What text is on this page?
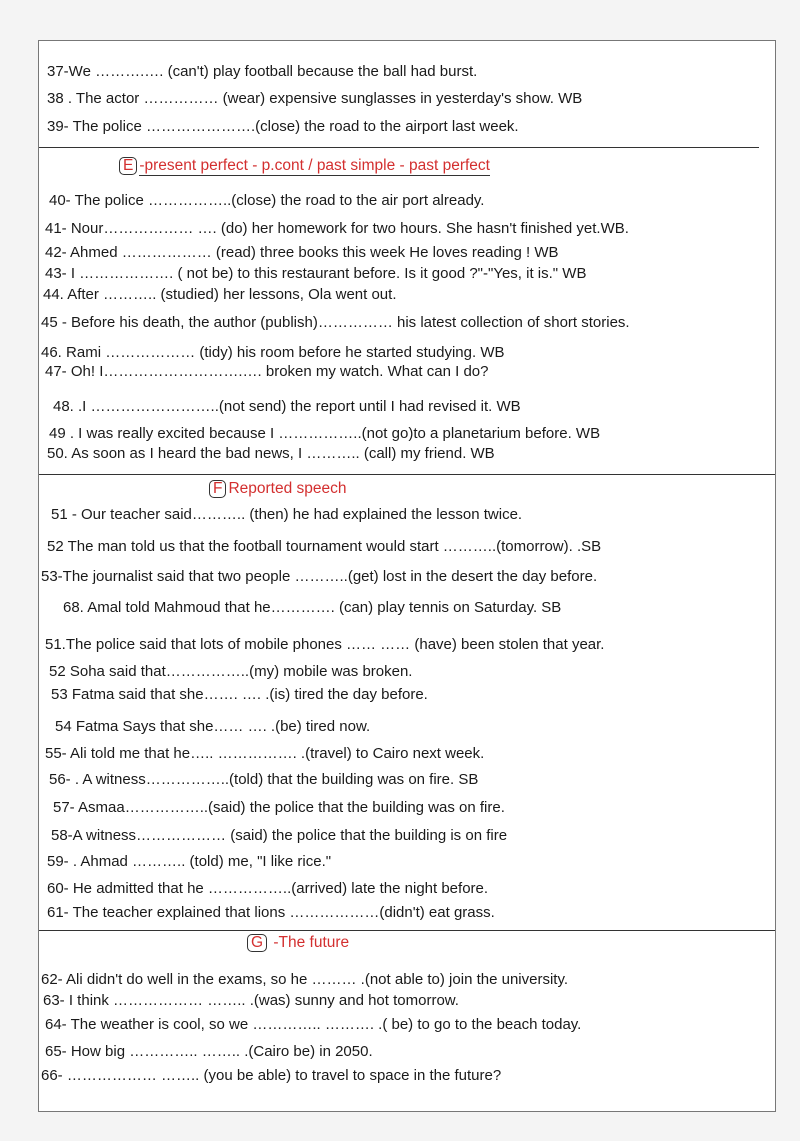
37-We ……….…. (can't) play football because the ball had burst.
38 . The actor …………… (wear) expensive sunglasses in yesterday's show. WB
39- The police ………………….(close) the road to the airport last week.
E -present perfect - p.cont / past simple - past perfect
40- The police ……………..(close) the road to the air port already.
41- Nour……………… …. (do) her homework for two hours. She hasn't finished yet.WB.
42- Ahmed ……………… (read) three books this week He loves reading ! WB
43- I ………………. ( not be) to this restaurant before. Is it good ?"-"Yes, it is." WB
44. After ……….. (studied) her lessons, Ola went out.
45 - Before his death, the author (publish)…………… his latest collection of short stories.
46. Rami ……………… (tidy) his room before he started studying. WB
47- Oh! I……………………….…. broken my watch. What can I do?
48. .I ……………………..(not send) the report until I had revised it. WB
49 . I was really excited because I ……………..(not go)to a planetarium before. WB
50. As soon as I heard the bad news, I ……….. (call) my friend. WB
F Reported speech
51 - Our teacher said……….. (then) he had explained the lesson twice.
52 The man told us that the football tournament would start ………..(tomorrow). .SB
53-The journalist said that two people ………..(get) lost in the desert the day before.
68. Amal told Mahmoud that he…………. (can) play tennis on Saturday. SB
51.The police said that lots of mobile phones …… …… (have) been stolen that year.
52 Soha said that……………..(my) mobile was broken.
53 Fatma said that she……. …. .(is) tired the day before.
54 Fatma Says that she…… …. .(be) tired now.
55- Ali told me that he….. ……………. .(travel) to Cairo next week.
56- . A witness……………..(told) that the building was on fire. SB
57- Asmaa……………..(said) the police that the building was on fire.
58-A witness……………… (said) the police that the building is on fire
59- . Ahmad ……….. (told) me, "I like rice."
60- He admitted that he ……………..(arrived) late the night before.
61- The teacher explained that lions ………………(didn't) eat grass.
G -The future
62- Ali didn't do well in the exams, so he ……… .(not able to) join the university.
63- I think ……………… …….. .(was) sunny and hot tomorrow.
64- The weather is cool, so we ………….. ………. .( be) to go to the beach today.
65- How big ………….. …….. .(Cairo be) in 2050.
66- ……………… …….. (you be able) to travel to space in the future?
